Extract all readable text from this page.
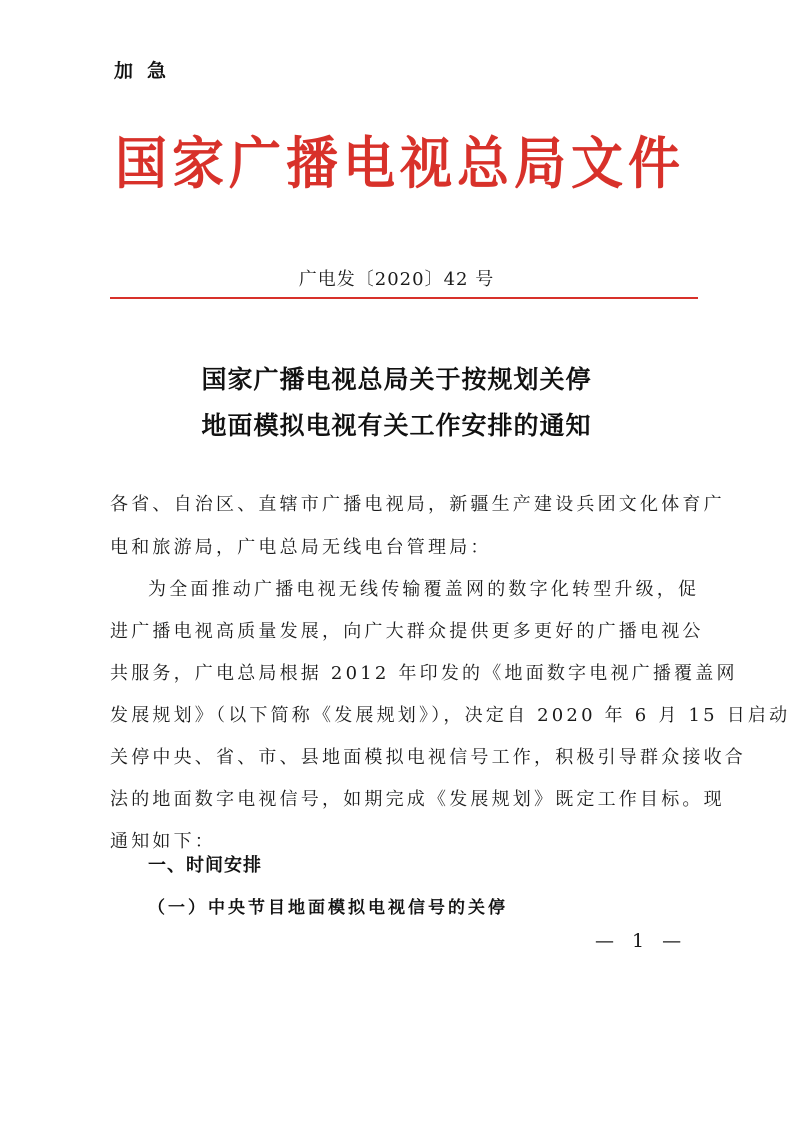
加急
国家广播电视总局文件
广电发〔2020〕42 号
国家广播电视总局关于按规划关停
地面模拟电视有关工作安排的通知
各省、自治区、直辖市广播电视局，新疆生产建设兵团文化体育广
电和旅游局，广电总局无线电台管理局：
为全面推动广播电视无线传输覆盖网的数字化转型升级，促
进广播电视高质量发展，向广大群众提供更多更好的广播电视公
共服务，广电总局根据 2012 年印发的《地面数字电视广播覆盖网
发展规划》（以下简称《发展规划》），决定自 2020 年 6 月 15 日启动
关停中央、省、市、县地面模拟电视信号工作，积极引导群众接收合
法的地面数字电视信号，如期完成《发展规划》既定工作目标。现
通知如下：
一、时间安排
（一）中央节目地面模拟电视信号的关停
— 1 —
